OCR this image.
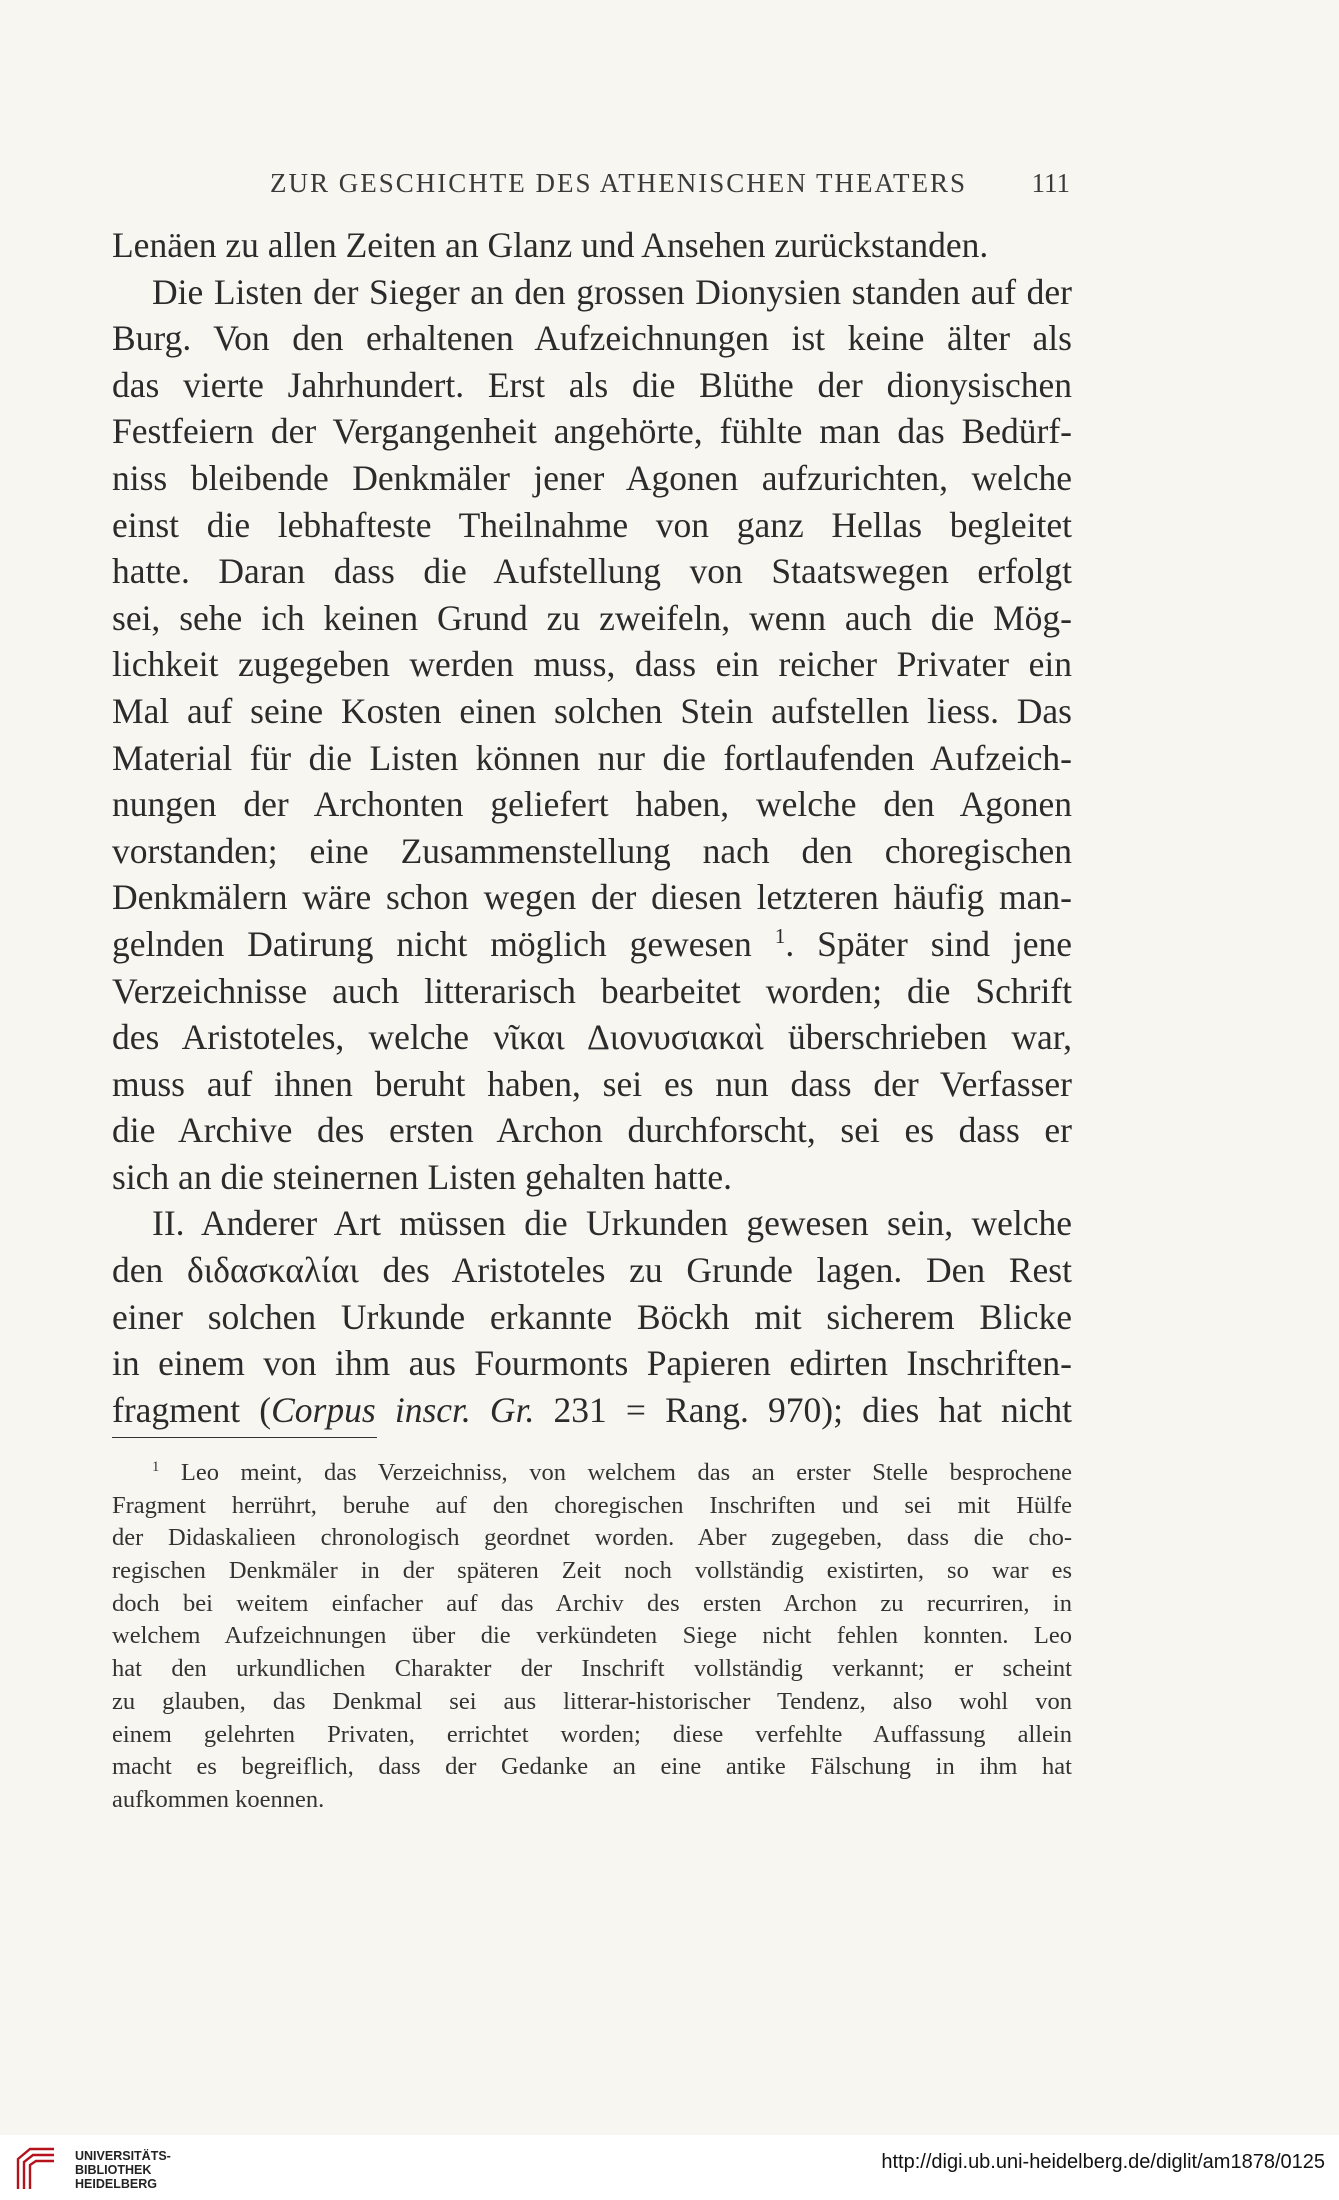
ZUR GESCHICHTE DES ATHENISCHEN THEATERS 111
Lenäen zu allen Zeiten an Glanz und Ansehen zurückstanden.
Die Listen der Sieger an den grossen Dionysien standen auf der
Burg. Von den erhaltenen Aufzeichnungen ist keine älter als
das vierte Jahrhundert. Erst als die Blüthe der dionysischen
Festfeiern der Vergangenheit angehörte, fühlte man das Bedürf-
niss bleibende Denkmäler jener Agonen aufzurichten, welche
einst die lebhafteste Theilnahme von ganz Hellas begleitet
hatte. Daran dass die Aufstellung von Staatswegen erfolgt
sei, sehe ich keinen Grund zu zweifeln, wenn auch die Mög-
lichkeit zugegeben werden muss, dass ein reicher Privater ein
Mal auf seine Kosten einen solchen Stein aufstellen liess. Das
Material für die Listen können nur die fortlaufenden Aufzeich-
nungen der Archonten geliefert haben, welche den Agonen
vorstanden; eine Zusammenstellung nach den choregischen
Denkmälern wäre schon wegen der diesen letzteren häufig man-
gelnden Datirung nicht möglich gewesen $^1$. Später sind jene
Verzeichnisse auch litterarisch bearbeitet worden; die Schrift
des Aristoteles, welche νῖκαι Διονυσιακαὶ überschrieben war,
muss auf ihnen beruht haben, sei es nun dass der Verfasser
die Archive des ersten Archon durchforscht, sei es dass er
sich an die steinernen Listen gehalten hatte.
II. Anderer Art müssen die Urkunden gewesen sein, welche
den διδασκαλίαι des Aristoteles zu Grunde lagen. Den Rest
einer solchen Urkunde erkannte Böckh mit sicherem Blicke
in einem von ihm aus Fourmonts Papieren edirten Inschriften-
fragment (Corpus inscr. Gr. 231 = Rang. 970); dies hat nicht
$^1$ Leo meint, das Verzeichniss, von welchem das an erster Stelle besprochene
Fragment herrührt, beruhe auf den choregischen Inschriften und sei mit Hülfe
der Didaskalieen chronologisch geordnet worden. Aber zugegeben, dass die cho-
regischen Denkmäler in der späteren Zeit noch vollständig existirten, so war es
doch bei weitem einfacher auf das Archiv des ersten Archon zu recurriren, in
welchem Aufzeichnungen über die verkündeten Siege nicht fehlen konnten. Leo
hat den urkundlichen Charakter der Inschrift vollständig verkannt; er scheint
zu glauben, das Denkmal sei aus litterar-historischer Tendenz, also wohl von
einem gelehrten Privaten, errichtet worden; diese verfehlte Auffassung allein
macht es begreiflich, dass der Gedanke an eine antike Fälschung in ihm hat
aufkommen koennen.
UNIVERSITÄTS-
BIBLIOTHEK
HEIDELBERG
http://digi.ub.uni-heidelberg.de/diglit/am1878/0125
